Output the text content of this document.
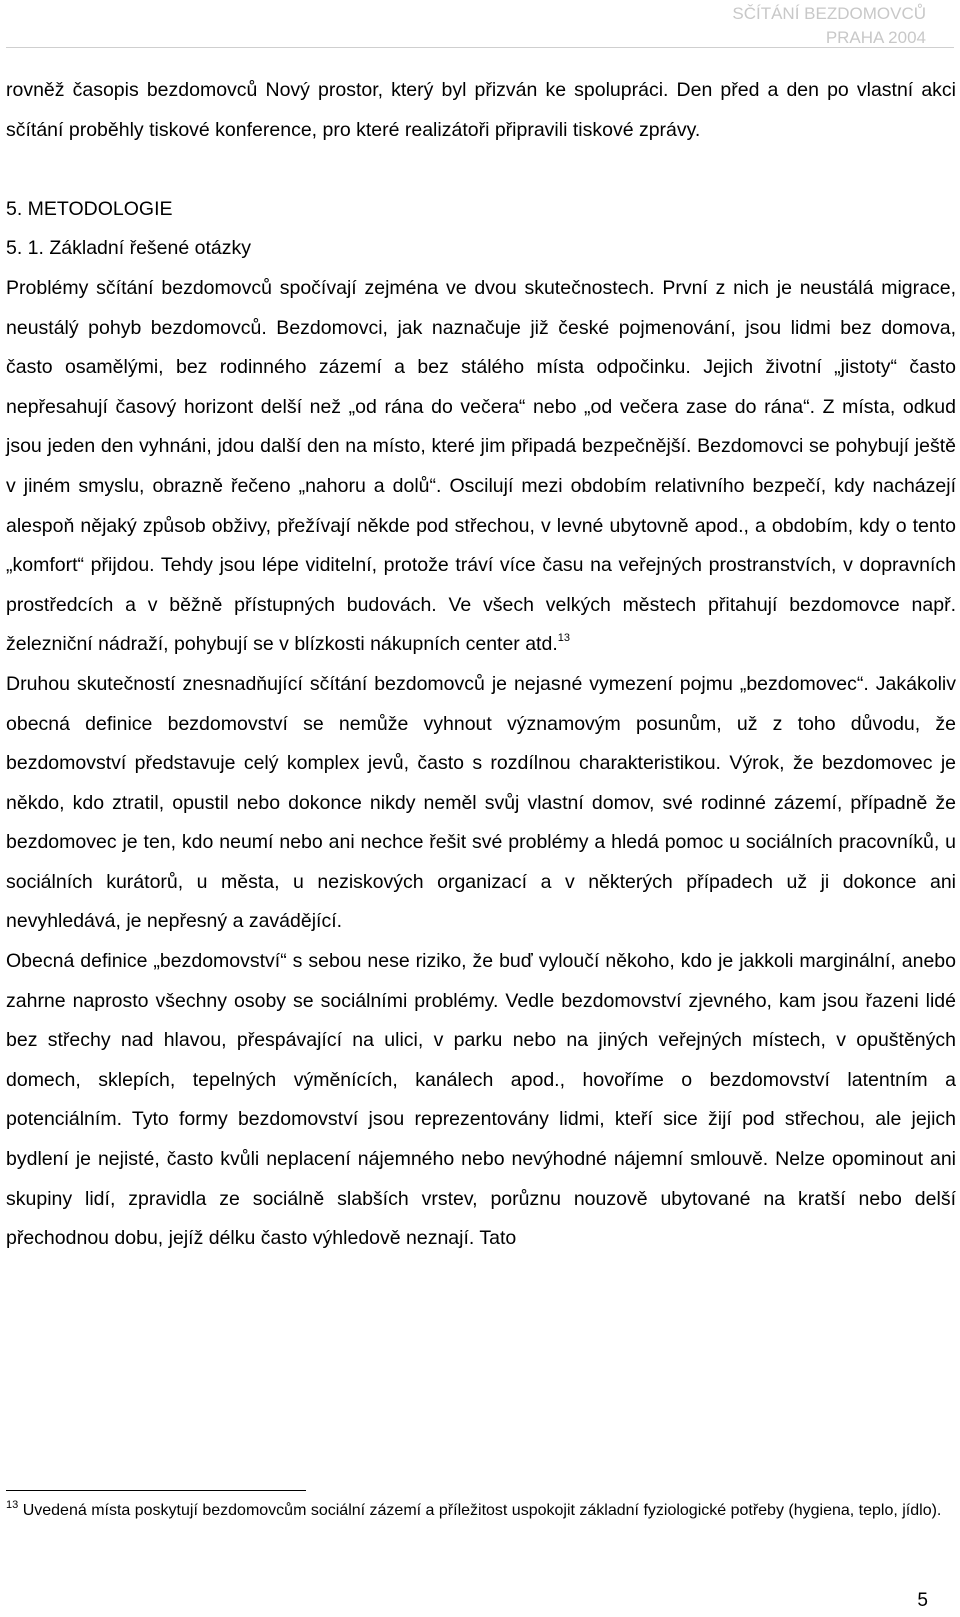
SČÍTÁNÍ BEZDOMOVCŮ
PRAHA 2004

rovněž časopis bezdomovců Nový prostor, který byl přizván ke spolupráci. Den před a den po vlastní akci sčítání proběhly tiskové konference, pro které realizátoři připravili tiskové zprávy.

5. METODOLOGIE

5. 1. Základní řešené otázky

Problémy sčítání bezdomovců spočívají zejména ve dvou skutečnostech. První z nich je neustálá migrace, neustálý pohyb bezdomovců. Bezdomovci, jak naznačuje již české pojmenování, jsou lidmi bez domova, často osamělými, bez rodinného zázemí a bez stálého místa odpočinku. Jejich životní „jistoty“ často nepřesahují časový horizont delší než „od rána do večera“ nebo „od večera zase do rána“. Z místa, odkud jsou jeden den vyhnáni, jdou další den na místo, které jim připadá bezpečnější. Bezdomovci se pohybují ještě v jiném smyslu, obrazně řečeno „nahoru a dolů“. Oscilují mezi obdobím relativního bezpečí, kdy nacházejí alespoň nějaký způsob obživy, přežívají někde pod střechou, v levné ubytovně apod., a obdobím, kdy o tento „komfort“ přijdou. Tehdy jsou lépe viditelní, protože tráví více času na veřejných prostranstvích, v dopravních prostředcích a v běžně přístupných budovách. Ve všech velkých městech přitahují bezdomovce např. železniční nádraží, pohybují se v blízkosti nákupních center atd.$^{13}$

Druhou skutečností znesnadňující sčítání bezdomovců je nejasné vymezení pojmu „bezdomovec“. Jakákoliv obecná definice bezdomovství se nemůže vyhnout významovým posunům, už z toho důvodu, že bezdomovství představuje celý komplex jevů, často s rozdílnou charakteristikou. Výrok, že bezdomovec je někdo, kdo ztratil, opustil nebo dokonce nikdy neměl svůj vlastní domov, své rodinné zázemí, případně že bezdomovec je ten, kdo neumí nebo ani nechce řešit své problémy a hledá pomoc u sociálních pracovníků, u sociálních kurátorů, u města, u neziskových organizací a v některých případech už ji dokonce ani nevyhledává, je nepřesný a zavádějící.

Obecná definice „bezdomovství“ s sebou nese riziko, že buď vyloučí někoho, kdo je jakkoli marginální, anebo zahrne naprosto všechny osoby se sociálními problémy. Vedle bezdomovství zjevného, kam jsou řazeni lidé bez střechy nad hlavou, přespávající na ulici, v parku nebo na jiných veřejných místech, v opuštěných domech, sklepích, tepelných výměnících, kanálech apod., hovoříme o bezdomovství latentním a potenciálním. Tyto formy bezdomovství jsou reprezentovány lidmi, kteří sice žijí pod střechou, ale jejich bydlení je nejisté, často kvůli neplacení nájemného nebo nevýhodné nájemní smlouvě. Nelze opominout ani skupiny lidí, zpravidla ze sociálně slabších vrstev, porůznu nouzově ubytované na kratší nebo delší přechodnou dobu, jejíž délku často výhledově neznají. Tato

$^{13}$ Uvedená místa poskytují bezdomovcům sociální zázemí a příležitost uspokojit základní fyziologické potřeby (hygiena, teplo, jídlo).
5
